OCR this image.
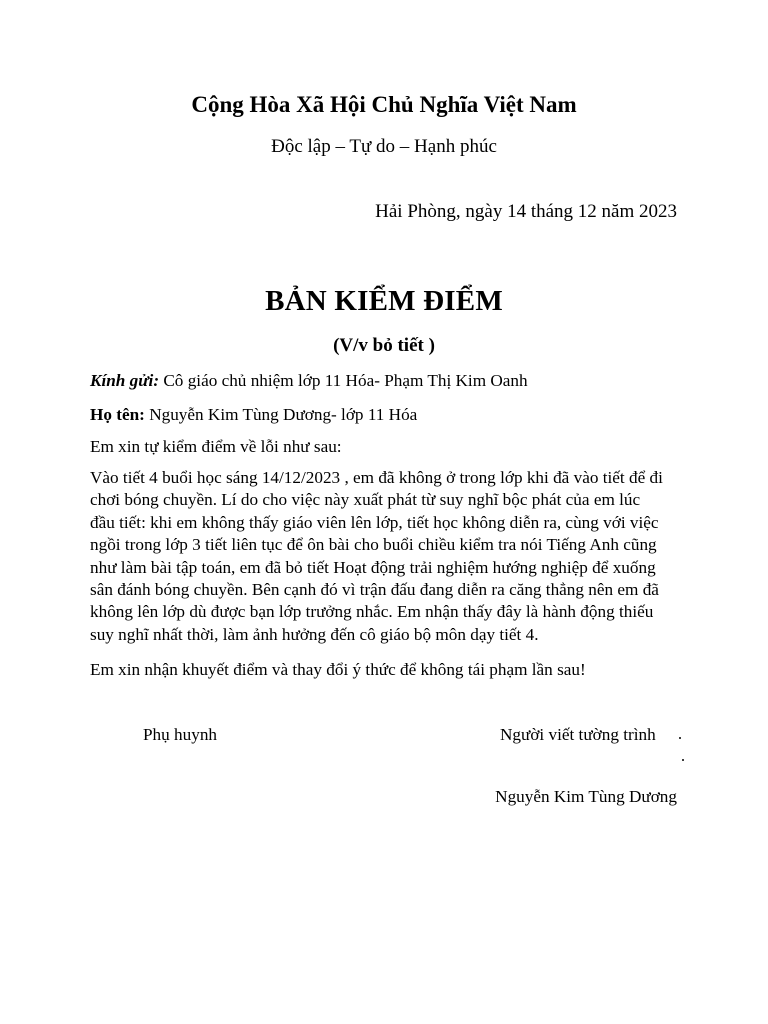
Cộng Hòa Xã Hội Chủ Nghĩa Việt Nam

Độc lập – Tự do – Hạnh phúc

Hải Phòng, ngày 14 tháng 12 năm 2023

BẢN KIỂM ĐIỂM

(V/v bỏ tiết )

Kính gửi: Cô giáo chủ nhiệm lớp 11 Hóa- Phạm Thị Kim Oanh

Họ tên: Nguyễn Kim Tùng Dương- lớp 11 Hóa

Em xin tự kiểm điểm về lỗi như sau:

Vào tiết 4 buổi học sáng 14/12/2023 , em đã không ở trong lớp khi đã vào tiết để đi

chơi bóng chuyền. Lí do cho việc này xuất phát từ suy nghĩ bộc phát của em lúc

đầu tiết: khi em không thấy giáo viên lên lớp, tiết học không diễn ra, cùng với việc

ngồi trong lớp 3 tiết liên tục để ôn bài cho buổi chiều kiểm tra nói Tiếng Anh cũng

như làm bài tập toán, em đã bỏ tiết Hoạt động trải nghiệm hướng nghiệp để xuống

sân đánh bóng chuyền. Bên cạnh đó vì trận đấu đang diễn ra căng thẳng nên em đã

không lên lớp dù được bạn lớp trưởng nhắc. Em nhận thấy đây là hành động thiếu

suy nghĩ nhất thời, làm ảnh hưởng đến cô giáo bộ môn dạy tiết 4.

Em xin nhận khuyết điểm và thay đổi ý thức để không tái phạm lần sau!

Phụ huynh	Người viết tường trình

Nguyễn Kim Tùng Dương
